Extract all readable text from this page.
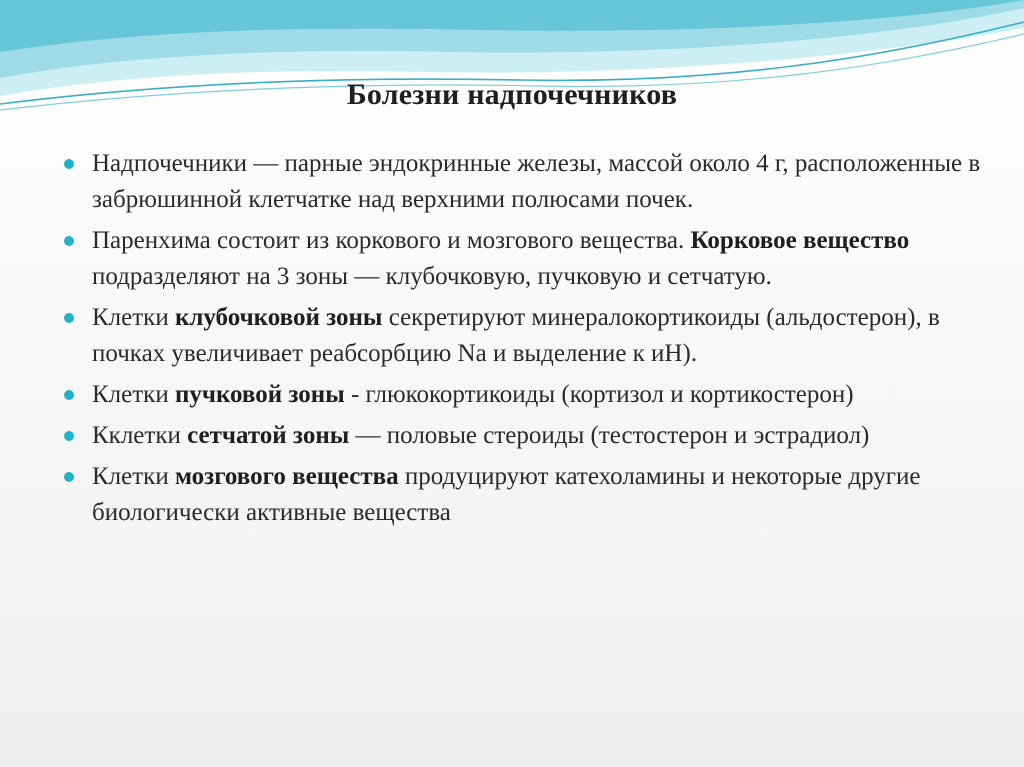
Болезни надпочечников
Надпочечники — парные эндокринные железы, массой около 4 г, расположенные в забрюшинной клетчатке над верхними полюсами почек.
Паренхима состоит из коркового и мозгового вещества. Корковое вещество подразделяют на 3 зоны — клубочковую, пучковую и сетчатую.
Клетки клубочковой зоны секретируют минералокортикоиды (альдостерон), в почках увеличивает реабсорбцию Na и выделение к иН).
Клетки пучковой зоны - глюкокортикоиды (кортизол и кортикостерон)
Кклетки сетчатой зоны — половые стероиды (тестостерон и эстрадиол)
Клетки мозгового вещества продуцируют катехоламины и некоторые другие биологически активные вещества
